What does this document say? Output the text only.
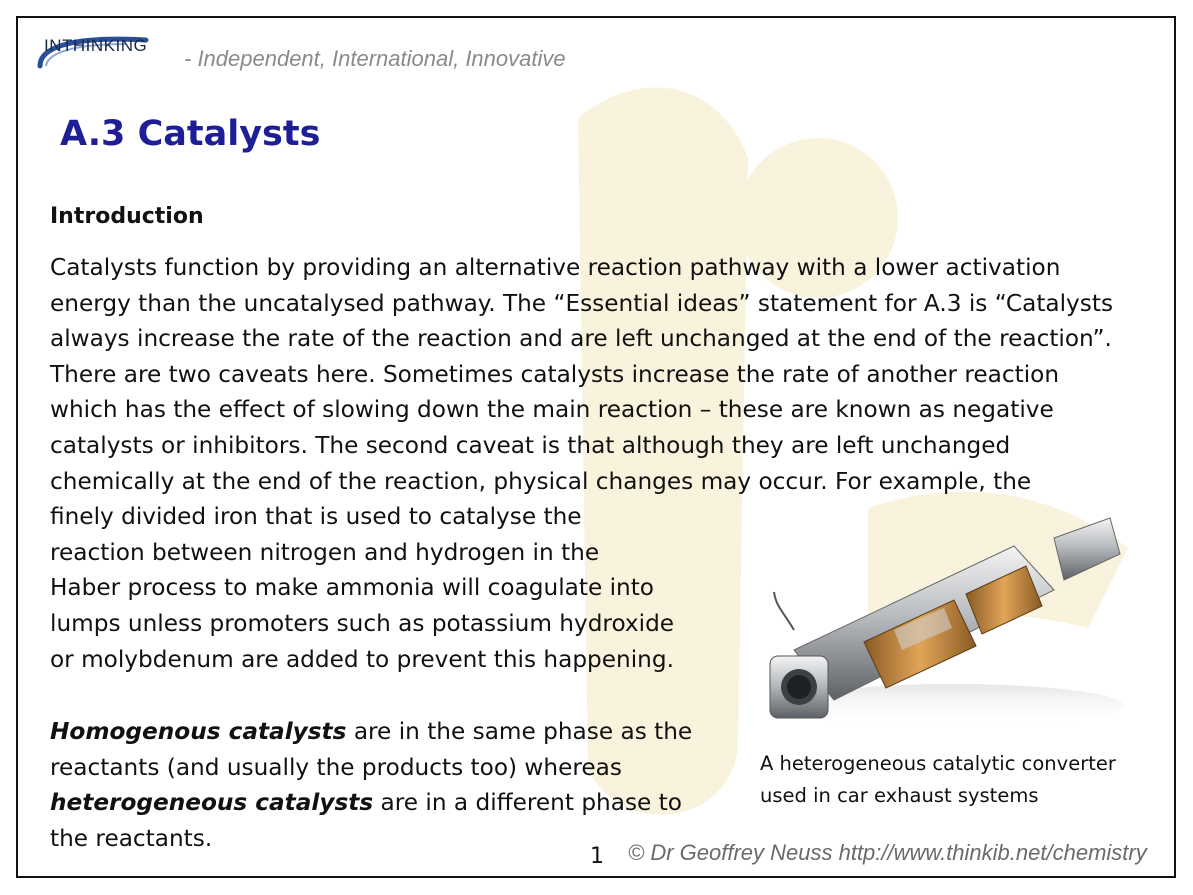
INTHINKING
- Independent, International, Innovative
A.3 Catalysts
Introduction
Catalysts function by providing an alternative reaction pathway with a lower activation
energy than the uncatalysed pathway. The “Essential ideas” statement for A.3 is “Catalysts
always increase the rate of the reaction and are left unchanged at the end of the reaction”.
There are two caveats here. Sometimes catalysts increase the rate of another reaction
which has the effect of slowing down the main reaction – these are known as negative
catalysts or inhibitors. The second caveat is that although they are left unchanged
chemically at the end of the reaction, physical changes may occur. For example, the
finely divided iron that is used to catalyse the
reaction between nitrogen and hydrogen in the
Haber process to make ammonia will coagulate into
lumps unless promoters such as potassium hydroxide
or molybdenum are added to prevent this happening.
Homogenous catalysts are in the same phase as the
reactants (and usually the products too) whereas
heterogeneous catalysts are in a different phase to
the reactants.
A heterogeneous catalytic converter
used in car exhaust systems
1 © Dr Geoffrey Neuss http://www.thinkib.net/chemistry
